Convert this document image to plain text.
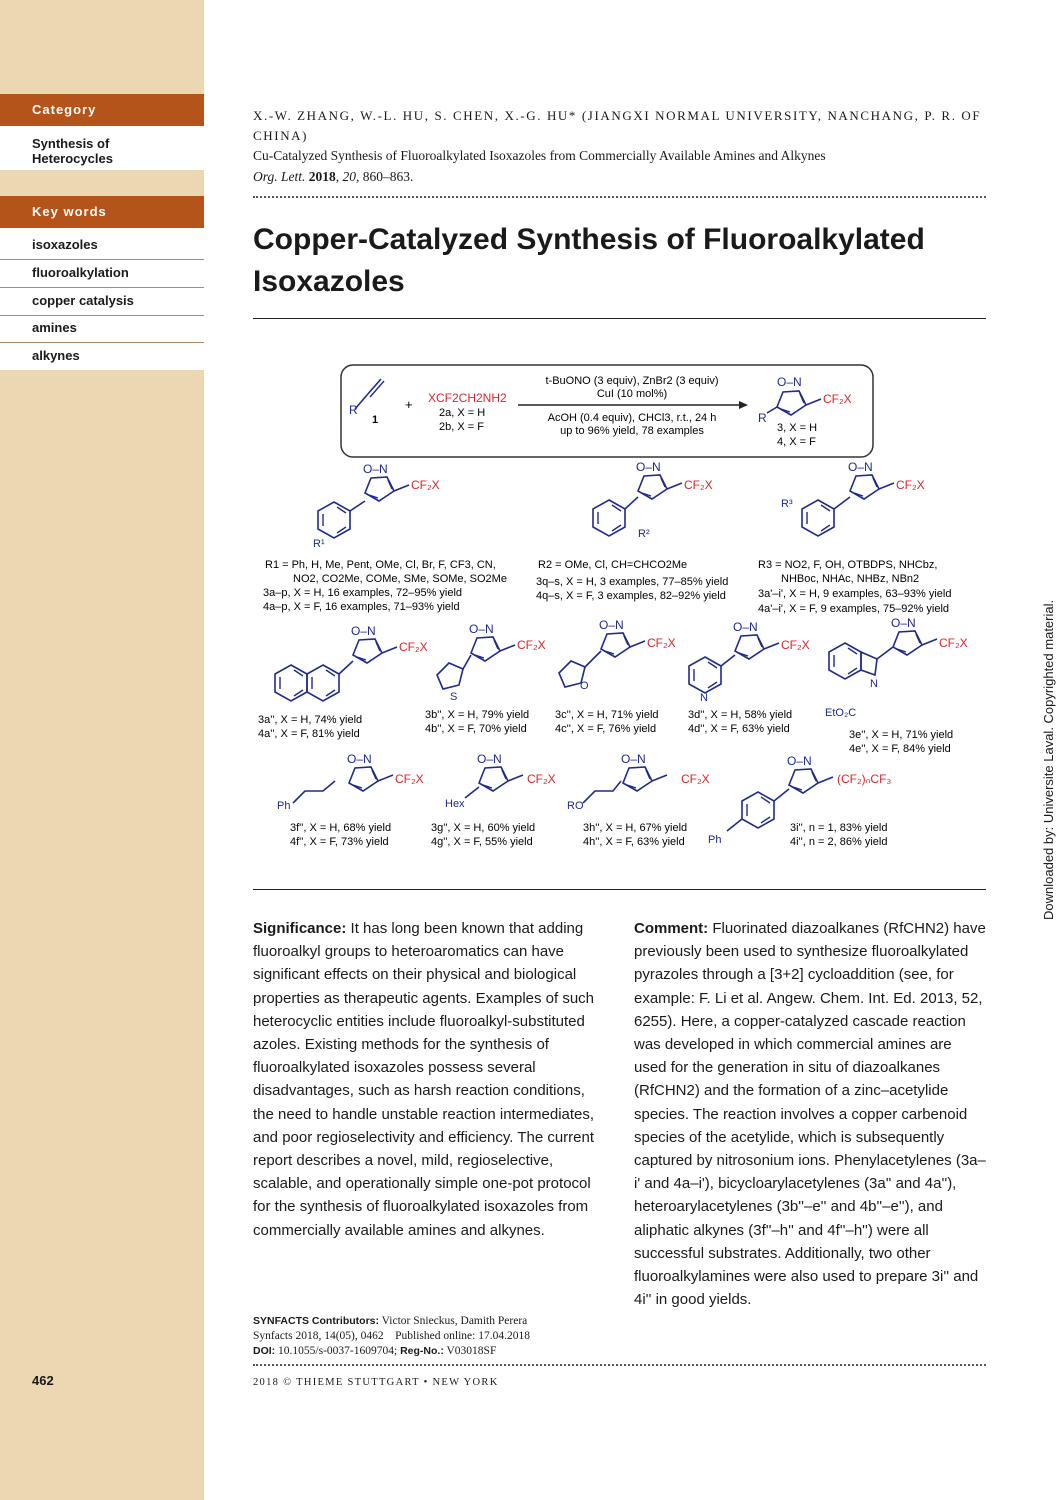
Category
Synthesis of Heterocycles
Key words
isoxazoles
fluoroalkylation
copper catalysis
amines
alkynes
462
X.-W. ZHANG, W.-L. HU, S. CHEN, X.-G. HU* (JIANGXI NORMAL UNIVERSITY, NANCHANG, P. R. OF CHINA)
Cu-Catalyzed Synthesis of Fluoroalkylated Isoxazoles from Commercially Available Amines and Alkynes
Org. Lett. 2018, 20, 860–863.
Copper-Catalyzed Synthesis of Fluoroalkylated Isoxazoles
R
1
+ XCF2CH2NH2
2a, X = H
2b, X = F
t-BuONO (3 equiv), ZnBr2 (3 equiv)
CuI (10 mol%)
AcOH (0.4 equiv), CHCl3, r.t., 24 h
up to 96% yield, 78 examples
O–N
CF₂X
R
3, X = H
4, X = F
O–N
CF₂X
R¹
O–N
CF₂X
R²
O–N
CF₂X
R³
R1 = Ph, H, Me, Pent, OMe, Cl, Br, F, CF3, CN,
NO2, CO2Me, COMe, SMe, SOMe, SO2Me
3a–p, X = H, 16 examples, 72–95% yield
4a–p, X = F, 16 examples, 71–93% yield
R2 = OMe, Cl, CH=CHCO2Me
3q–s, X = H, 3 examples, 77–85% yield
4q–s, X = F, 3 examples, 82–92% yield
R3 = NO2, F, OH, OTBDPS, NHCbz,
NHBoc, NHAc, NHBz, NBn2
3a'–i', X = H, 9 examples, 63–93% yield
4a'–i', X = F, 9 examples, 75–92% yield
O–N
CF₂X
S
O–N
CF₂X
O
O–N
CF₂X
N
O–N
CF₂X
N
EtO₂C
O–N
CF₂X
3a'', X = H, 74% yield
4a'', X = F, 81% yield
3b'', X = H, 79% yield
4b'', X = F, 70% yield
3c'', X = H, 71% yield
4c'', X = F, 76% yield
3d'', X = H, 58% yield
4d'', X = F, 63% yield	3e'', X = H, 71% yield
4e'', X = F, 84% yield
Ph
O–N
CF₂X
Hex
O–N
CF₂X
RO
O–N
CF₂X
Ph
O–N
(CF₂)ₙCF₃
3f'', X = H, 68% yield
4f'', X = F, 73% yield
3g'', X = H, 60% yield
4g'', X = F, 55% yield
3h'', X = H, 67% yield
4h'', X = F, 63% yield
3i'', n = 1, 83% yield
4i'', n = 2, 86% yield
Significance: It has long been known that adding fluoroalkyl groups to heteroaromatics can have significant effects on their physical and biological properties as therapeutic agents. Examples of such heterocyclic entities include fluoroalkyl-substituted azoles. Existing methods for the synthesis of fluoroalkylated isoxazoles possess several disadvantages, such as harsh reaction conditions, the need to handle unstable reaction intermediates, and poor regioselectivity and efficiency. The current report describes a novel, mild, regioselective, scalable, and operationally simple one-pot protocol for the synthesis of fluoroalkylated isoxazoles from commercially available amines and alkynes.
Comment: Fluorinated diazoalkanes (RfCHN2) have previously been used to synthesize fluoroalkylated pyrazoles through a [3+2] cycloaddition (see, for example: F. Li et al. Angew. Chem. Int. Ed. 2013, 52, 6255). Here, a copper-catalyzed cascade reaction was developed in which commercial amines are used for the generation in situ of diazoalkanes (RfCHN2) and the formation of a zinc–acetylide species. The reaction involves a copper carbenoid species of the acetylide, which is subsequently captured by nitrosonium ions. Phenylacetylenes (3a–i' and 4a–i'), bicycloarylacetylenes (3a'' and 4a''), heteroarylacetylenes (3b''–e'' and 4b''–e''), and aliphatic alkynes (3f''–h'' and 4f''–h'') were all successful substrates. Additionally, two other fluoroalkylamines were also used to prepare 3i'' and 4i'' in good yields.
SYNFACTS Contributors: Victor Snieckus, Damith Perera
Synfacts 2018, 14(05), 0462    Published online: 17.04.2018
DOI: 10.1055/s-0037-1609704; Reg-No.: V03018SF
2018 © THIEME STUTTGART • NEW YORK
Downloaded by: Universite Laval. Copyrighted material.
